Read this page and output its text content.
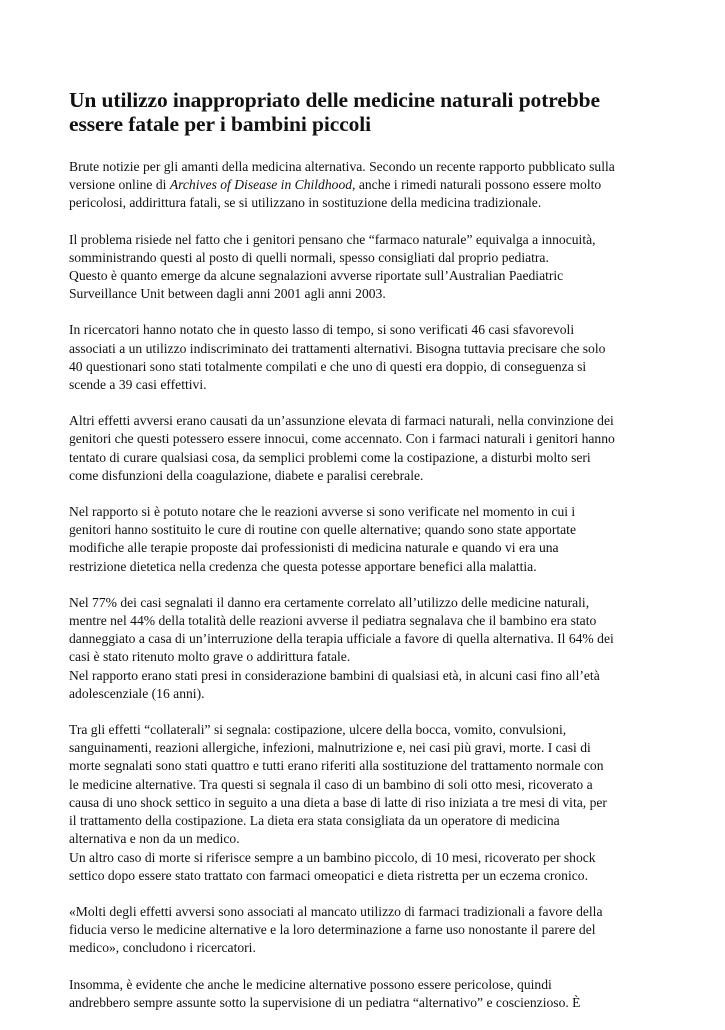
Un utilizzo inappropriato delle medicine naturali potrebbe
essere fatale per i bambini piccoli

Brute notizie per gli amanti della medicina alternativa. Secondo un recente rapporto pubblicato sulla
versione online di Archives of Disease in Childhood, anche i rimedi naturali possono essere molto
pericolosi, addirittura fatali, se si utilizzano in sostituzione della medicina tradizionale.

Il problema risiede nel fatto che i genitori pensano che “farmaco naturale” equivalga a innocuità,
somministrando questi al posto di quelli normali, spesso consigliati dal proprio pediatra.
Questo è quanto emerge da alcune segnalazioni avverse riportate sull’Australian Paediatric
Surveillance Unit between dagli anni 2001 agli anni 2003.

In ricercatori hanno notato che in questo lasso di tempo, si sono verificati 46 casi sfavorevoli
associati a un utilizzo indiscriminato dei trattamenti alternativi. Bisogna tuttavia precisare che solo
40 questionari sono stati totalmente compilati e che uno di questi era doppio, di conseguenza si
scende a 39 casi effettivi.

Altri effetti avversi erano causati da un’assunzione elevata di farmaci naturali, nella convinzione dei
genitori che questi potessero essere innocui, come accennato. Con i farmaci naturali i genitori hanno
tentato di curare qualsiasi cosa, da semplici problemi come la costipazione, a disturbi molto seri
come disfunzioni della coagulazione, diabete e paralisi cerebrale.

Nel rapporto si è potuto notare che le reazioni avverse si sono verificate nel momento in cui i
genitori hanno sostituito le cure di routine con quelle alternative; quando sono state apportate
modifiche alle terapie proposte dai professionisti di medicina naturale e quando vi era una
restrizione dietetica nella credenza che questa potesse apportare benefici alla malattia.

Nel 77% dei casi segnalati il danno era certamente correlato all’utilizzo delle medicine naturali,
mentre nel 44% della totalità delle reazioni avverse il pediatra segnalava che il bambino era stato
danneggiato a casa di un’interruzione della terapia ufficiale a favore di quella alternativa. Il 64% dei
casi è stato ritenuto molto grave o addirittura fatale.
Nel rapporto erano stati presi in considerazione bambini di qualsiasi età, in alcuni casi fino all’età
adolescenziale (16 anni).

Tra gli effetti “collaterali” si segnala: costipazione, ulcere della bocca, vomito, convulsioni,
sanguinamenti, reazioni allergiche, infezioni, malnutrizione e, nei casi più gravi, morte. I casi di
morte segnalati sono stati quattro e tutti erano riferiti alla sostituzione del trattamento normale con
le medicine alternative. Tra questi si segnala il caso di un bambino di soli otto mesi, ricoverato a
causa di uno shock settico in seguito a una dieta a base di latte di riso iniziata a tre mesi di vita, per
il trattamento della costipazione. La dieta era stata consigliata da un operatore di medicina
alternativa e non da un medico.
Un altro caso di morte si riferisce sempre a un bambino piccolo, di 10 mesi, ricoverato per shock
settico dopo essere stato trattato con farmaci omeopatici e dieta ristretta per un eczema cronico.

«Molti degli effetti avversi sono associati al mancato utilizzo di farmaci tradizionali a favore della
fiducia verso le medicine alternative e la loro determinazione a farne uso nonostante il parere del
medico», concludono i ricercatori.

Insomma, è evidente che anche le medicine alternative possono essere pericolose, quindi
andrebbero sempre assunte sotto la supervisione di un pediatra “alternativo” e coscienzioso. È
